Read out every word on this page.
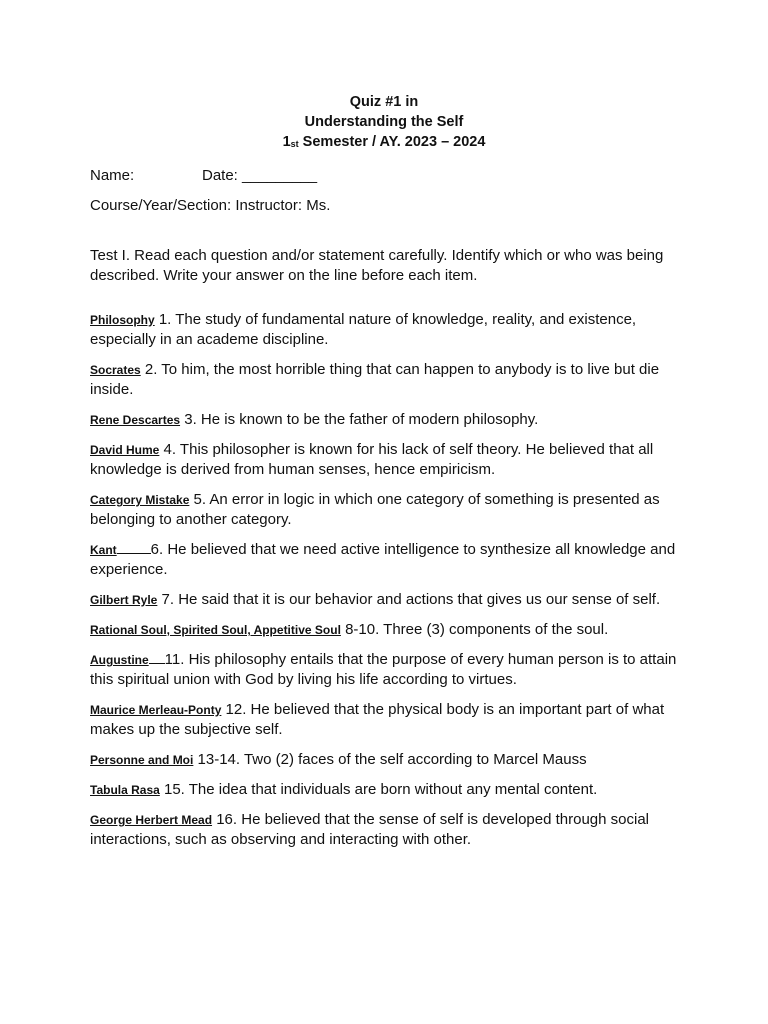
Quiz #1 in
Understanding the Self
$1_{st}$ Semester / AY. 2023 – 2024
Name:	Date: _________
Course/Year/Section: Instructor: Ms.
Test I. Read each question and/or statement carefully. Identify which or who was being described. Write your answer on the line before each item.

Philosophy 1. The study of fundamental nature of knowledge, reality, and existence, especially in an academe discipline.

Socrates 2. To him, the most horrible thing that can happen to anybody is to live but die inside.

Rene Descartes 3. He is known to be the father of modern philosophy.

David Hume 4. This philosopher is known for his lack of self theory. He believed that all knowledge is derived from human senses, hence empiricism.

Category Mistake 5. An error in logic in which one category of something is presented as belonging to another category.

Kant 6. He believed that we need active intelligence to synthesize all knowledge and experience.

Gilbert Ryle 7. He said that it is our behavior and actions that gives us our sense of self.

Rational Soul, Spirited Soul, Appetitive Soul 8-10. Three (3) components of the soul.

Augustine 11. His philosophy entails that the purpose of every human person is to attain this spiritual union with God by living his life according to virtues.

Maurice Merleau-Ponty 12. He believed that the physical body is an important part of what makes up the subjective self.

Personne and Moi 13-14. Two (2) faces of the self according to Marcel Mauss

Tabula Rasa 15. The idea that individuals are born without any mental content.

George Herbert Mead 16. He believed that the sense of self is developed through social interactions, such as observing and interacting with other.
